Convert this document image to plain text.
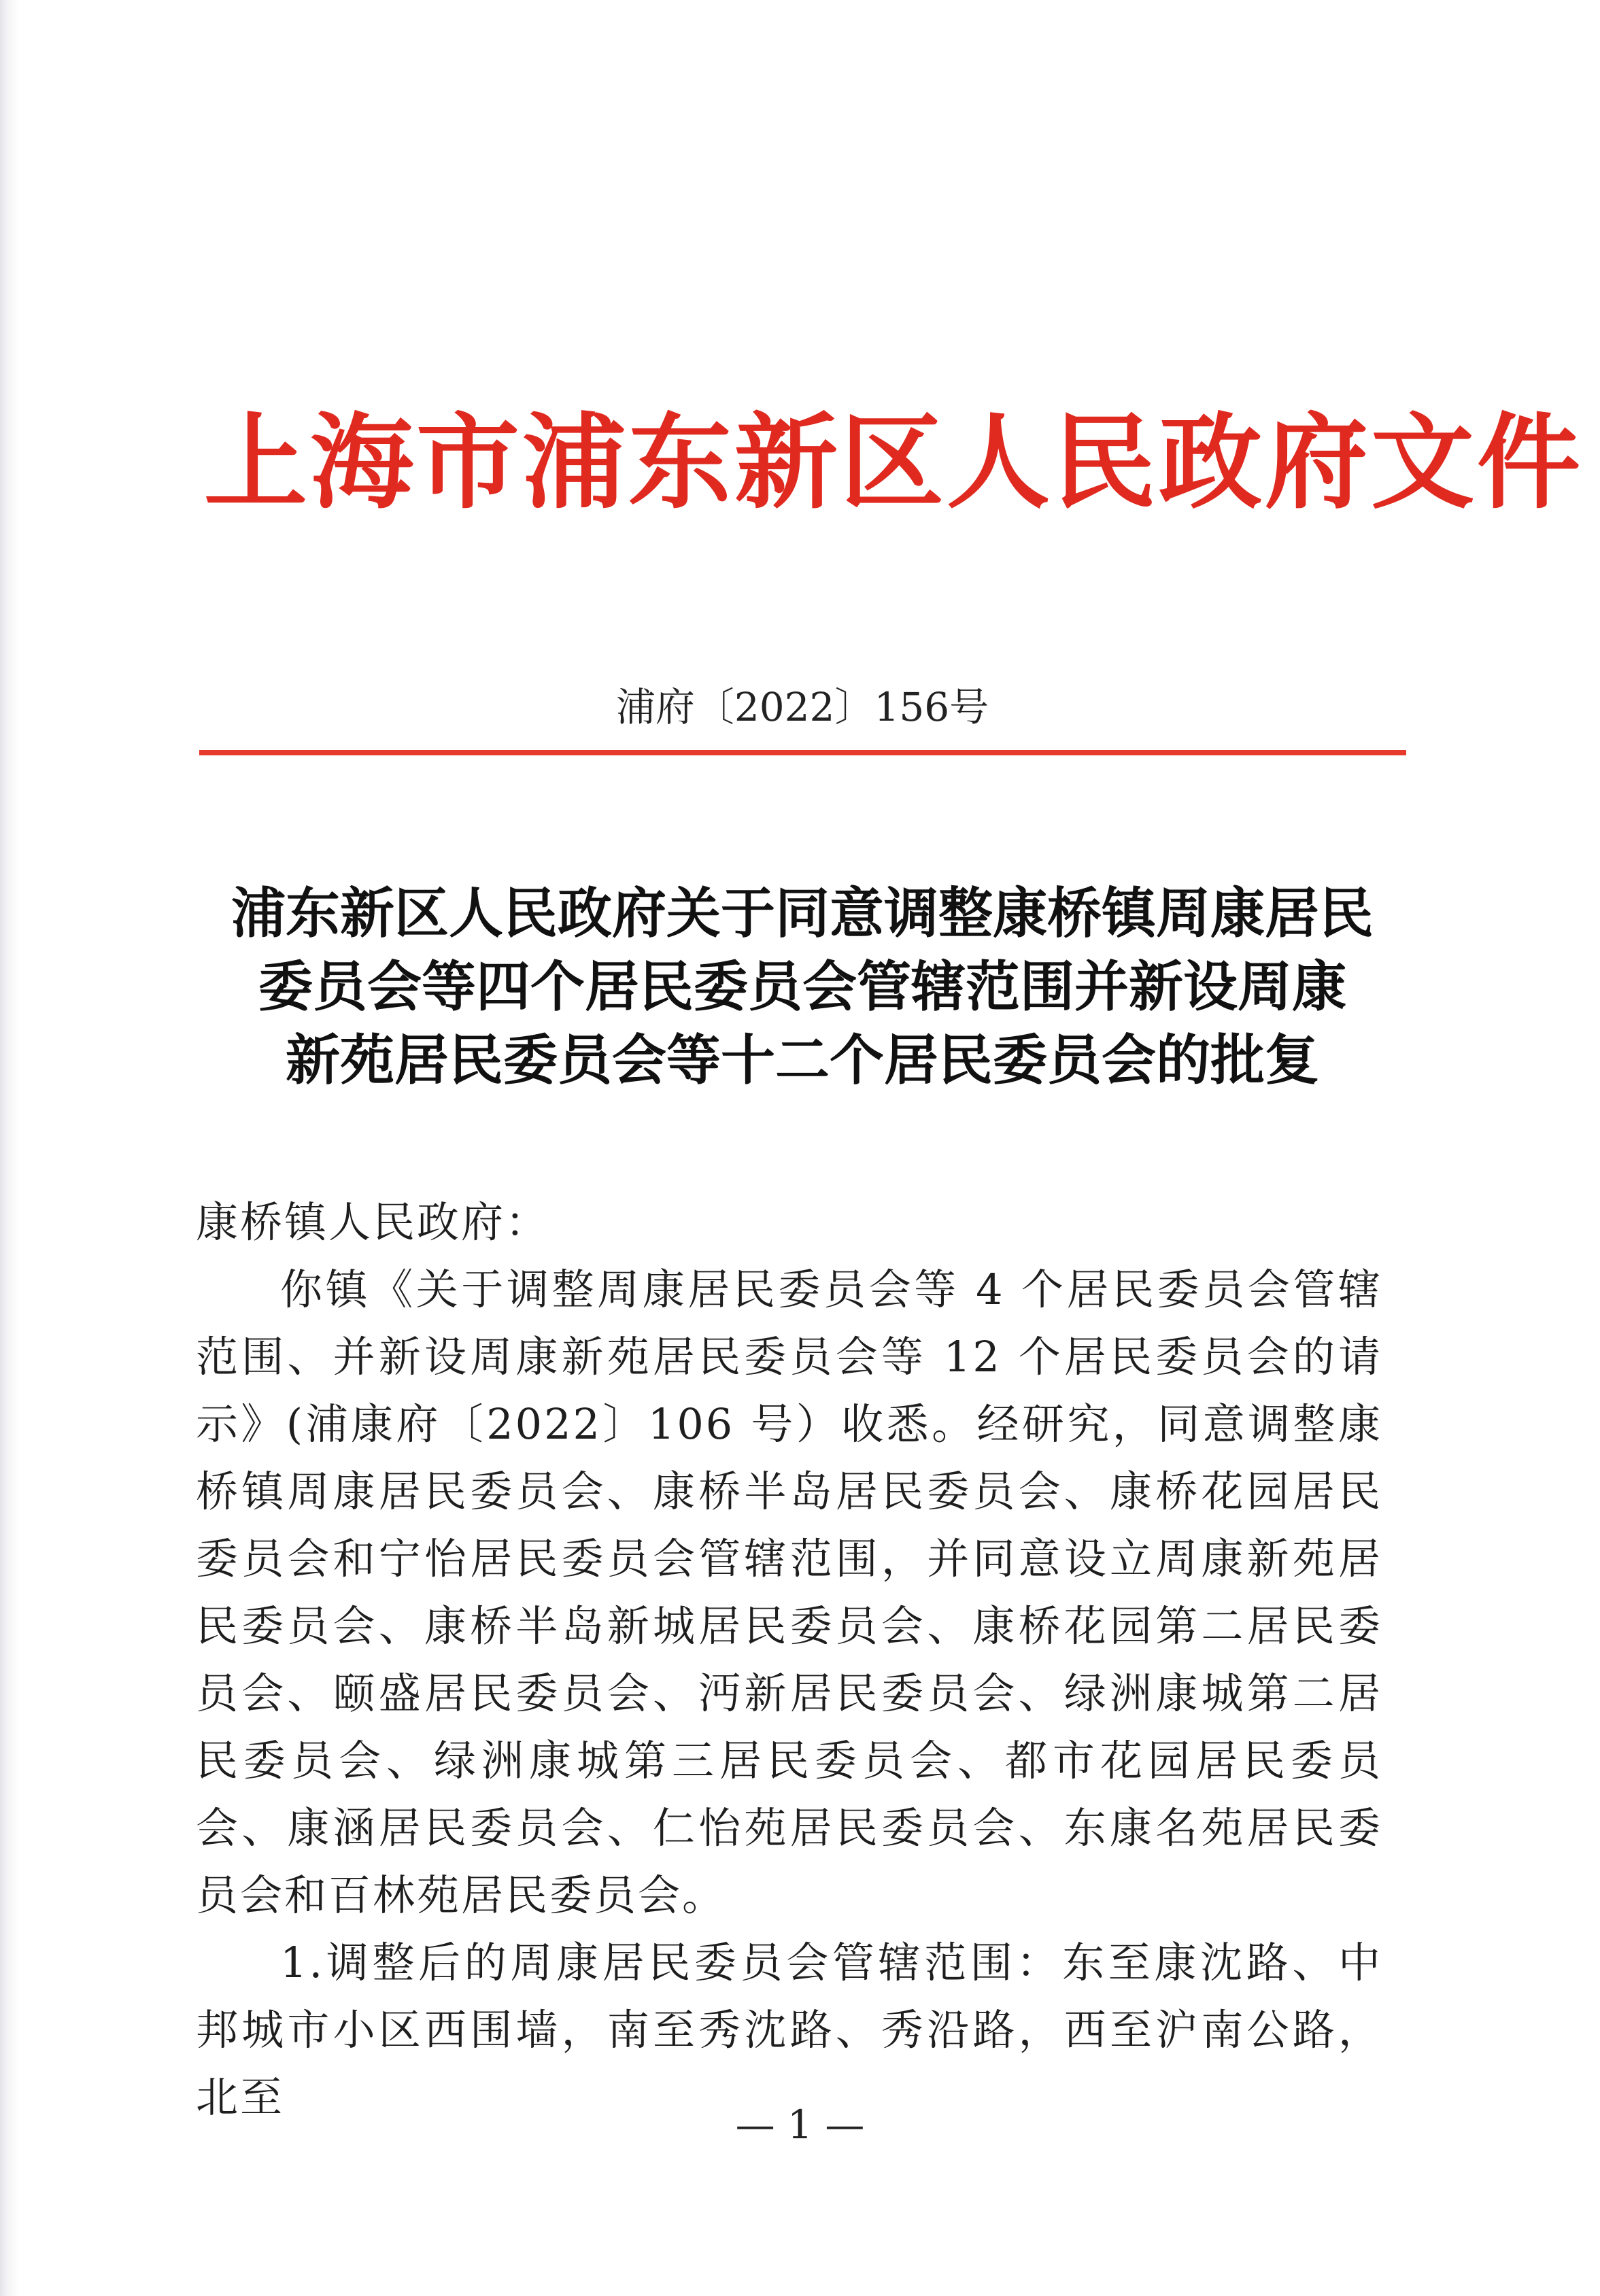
上海市浦东新区人民政府文件
浦府〔2022〕156号
浦东新区人民政府关于同意调整康桥镇周康居民
委员会等四个居民委员会管辖范围并新设周康
新苑居民委员会等十二个居民委员会的批复

康桥镇人民政府：

你镇《关于调整周康居民委员会等 4 个居民委员会管辖范围、并新设周康新苑居民委员会等 12 个居民委员会的请示》(浦康府〔2022〕106 号）收悉。经研究，同意调整康桥镇周康居民委员会、康桥半岛居民委员会、康桥花园居民委员会和宁怡居民委员会管辖范围，并同意设立周康新苑居民委员会、康桥半岛新城居民委员会、康桥花园第二居民委员会、颐盛居民委员会、沔新居民委员会、绿洲康城第二居民委员会、绿洲康城第三居民委员会、都市花园居民委员会、康涵居民委员会、仁怡苑居民委员会、东康名苑居民委员会和百林苑居民委员会。

1.调整后的周康居民委员会管辖范围：东至康沈路、中邦城市小区西围墙，南至秀沈路、秀沿路，西至沪南公路，北至

— 1 —
